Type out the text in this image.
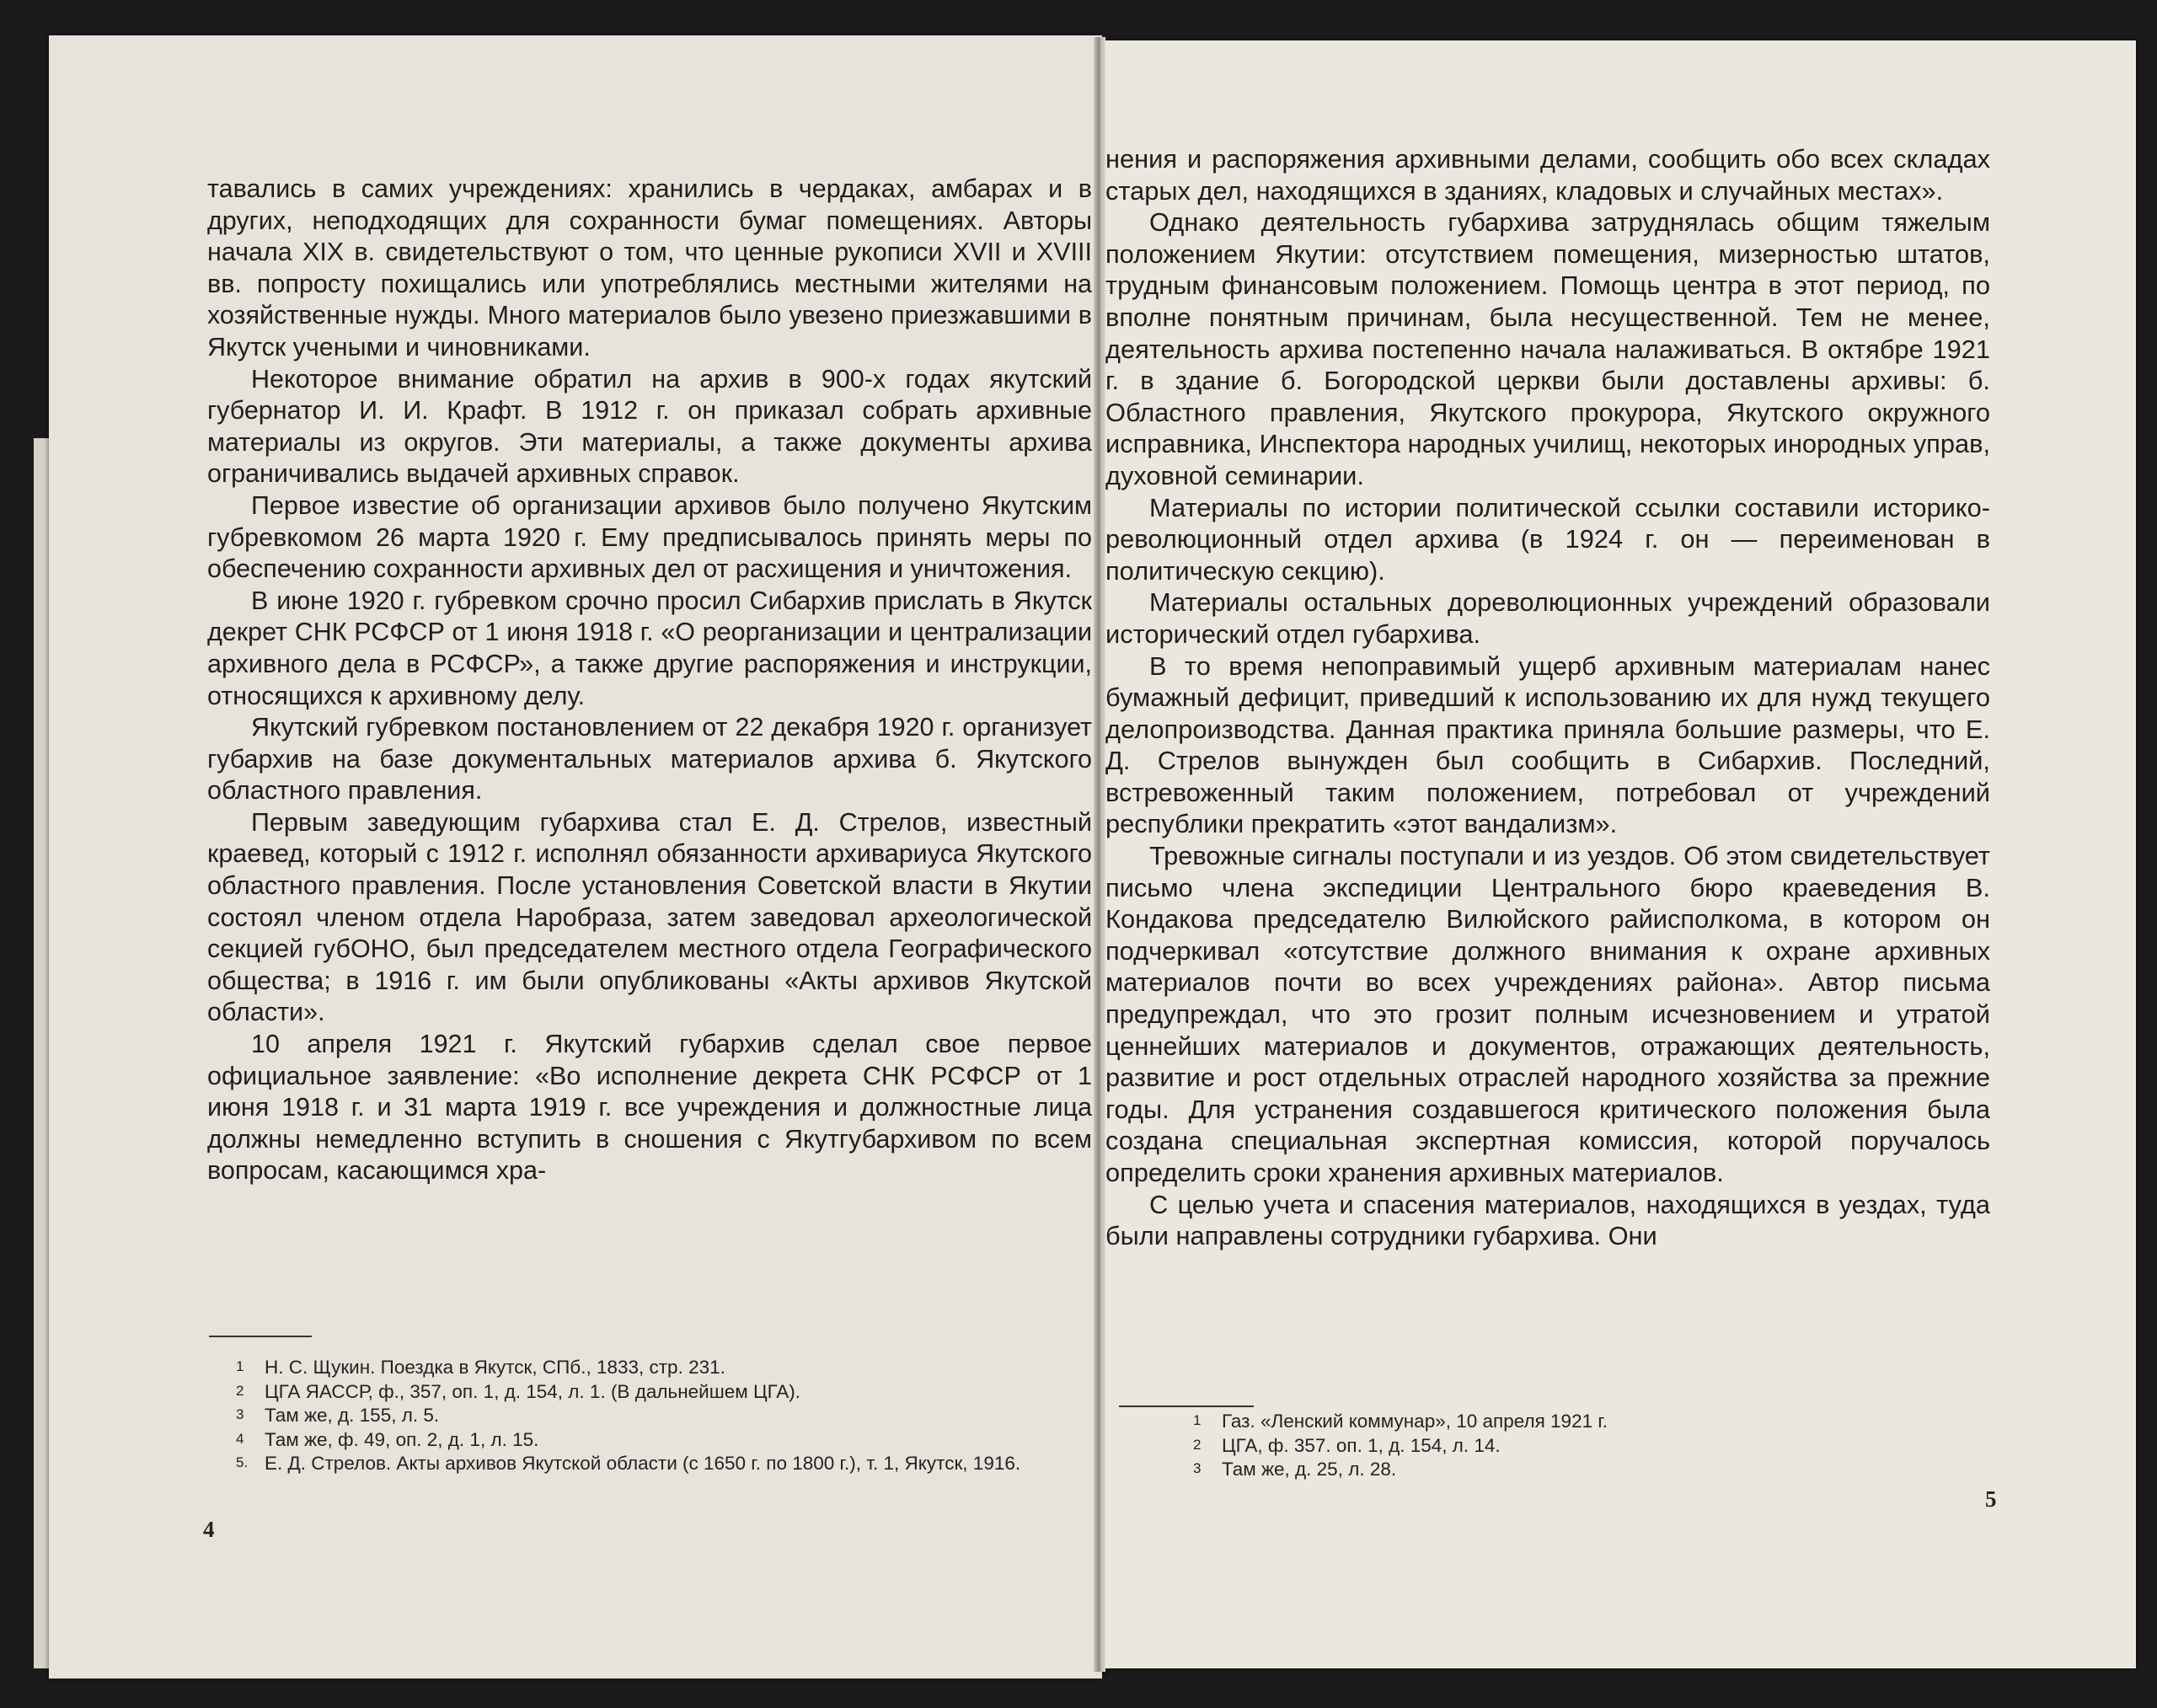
тавались в самих учреждениях: хранились в чердаках, амбарах и в других, неподходящих для сохранности бумаг помещениях. Авторы начала XIX в. свидетельствуют о том, что ценные рукописи XVII и XVIII вв. попросту похищались или употреблялись местными жителями на хозяйственные нужды. Много материалов было увезено приезжавшими в Якутск учеными и чиновниками.

Некоторое внимание обратил на архив в 900-х годах якутский губернатор И. И. Крафт. В 1912 г. он приказал собрать архивные материалы из округов. Эти материалы, а также документы архива ограничивались выдачей архивных справок.

Первое известие об организации архивов было получено Якутским губревкомом 26 марта 1920 г. Ему предписывалось принять меры по обеспечению сохранности архивных дел от расхищения и уничтожения.

В июне 1920 г. губревком срочно просил Сибархив прислать в Якутск декрет СНК РСФСР от 1 июня 1918 г. «О реорганизации и централизации архивного дела в РСФСР», а также другие распоряжения и инструкции, относящихся к архивному делу.

Якутский губревком постановлением от 22 декабря 1920 г. организует губархив на базе документальных материалов архива б. Якутского областного правления.

Первым заведующим губархива стал Е. Д. Стрелов, известный краевед, который с 1912 г. исполнял обязанности архивариуса Якутского областного правления. После установления Советской власти в Якутии состоял членом отдела Наробраза, затем заведовал археологической секцией губОНО, был председателем местного отдела Географического общества; в 1916 г. им были опубликованы «Акты архивов Якутской области».

10 апреля 1921 г. Якутский губархив сделал свое первое официальное заявление: «Во исполнение декрета СНК РСФСР от 1 июня 1918 г. и 31 марта 1919 г. все учреждения и должностные лица должны немедленно вступить в сношения с Якутгубархивом по всем вопросам, касающимся хра-

1 Н. С. Щукин. Поездка в Якутск, СПб., 1833, стр. 231.
2 ЦГА ЯАССР, ф., 357, оп. 1, д. 154, л. 1. (В дальнейшем ЦГА).
3 Там же, д. 155, л. 5.
4 Там же, ф. 49, оп. 2, д. 1, л. 15.
5. Е. Д. Стрелов. Акты архивов Якутской области (с 1650 г. по 1800 г.), т. 1, Якутск, 1916.
4

нения и распоряжения архивными делами, сообщить обо всех складах старых дел, находящихся в зданиях, кладовых и случайных местах».

Однако деятельность губархива затруднялась общим тяжелым положением Якутии: отсутствием помещения, мизерностью штатов, трудным финансовым положением. Помощь центра в этот период, по вполне понятным причинам, была несущественной. Тем не менее, деятельность архива постепенно начала налаживаться. В октябре 1921 г. в здание б. Богородской церкви были доставлены архивы: б. Областного правления, Якутского прокурора, Якутского окружного исправника, Инспектора народных училищ, некоторых инородных управ, духовной семинарии.

Материалы по истории политической ссылки составили историко-революционный отдел архива (в 1924 г. он — переименован в политическую секцию).

Материалы остальных дореволюционных учреждений образовали исторический отдел губархива.

В то время непоправимый ущерб архивным материалам нанес бумажный дефицит, приведший к использованию их для нужд текущего делопроизводства. Данная практика приняла большие размеры, что Е. Д. Стрелов вынужден был сообщить в Сибархив. Последний, встревоженный таким положением, потребовал от учреждений республики прекратить «этот вандализм».

Тревожные сигналы поступали и из уездов. Об этом свидетельствует письмо члена экспедиции Центрального бюро краеведения В. Кондакова председателю Вилюйского райисполкома, в котором он подчеркивал «отсутствие должного внимания к охране архивных материалов почти во всех учреждениях района». Автор письма предупреждал, что это грозит полным исчезновением и утратой ценнейших материалов и документов, отражающих деятельность, развитие и рост отдельных отраслей народного хозяйства за прежние годы. Для устранения создавшегося критического положения была создана специальная экспертная комиссия, которой поручалось определить сроки хранения архивных материалов.

С целью учета и спасения материалов, находящихся в уездах, туда были направлены сотрудники губархива. Они

1 Газ. «Ленский коммунар», 10 апреля 1921 г.
2 ЦГА, ф. 357. оп. 1, д. 154, л. 14.
3 Там же, д. 25, л. 28.
5
